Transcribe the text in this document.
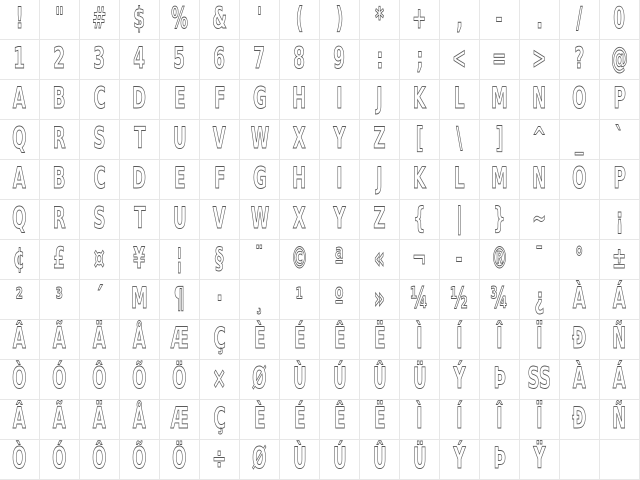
! " # $ % & ' ( ) * + , - . / 0
1 2 3 4 5 6 7 8 9 : ; < = > ? @
A B C D E F G H I J K L M N O P
Q R S T U V W X Y Z [ \ ] ^ _ `
A B C D E F G H I J K L M N O P
Q R S T U V W X Y Z { | } ~ ¡
¢ £ ¤ ¥ ¦ § ¨ © ª « ¬ - ® ¯ ° ±
² ³ ´ Μ ¶ · ¸ ¹ º » ¼ ½ ¾ ¿ À Á
Â Ã Ä Å Æ Ç È É Ê Ë Ì Í Î Ï Ð Ñ
Ò Ó Ô Õ Ö × Ø Ù Ú Û Ü Ý Þ SS À Á
Â Ã Ä Å Æ Ç È É Ê Ë Ì Í Î Ï Ð Ñ
Ò Ó Ô Õ Ö ÷ Ø Ù Ú Û Ü Ý Þ Ÿ
